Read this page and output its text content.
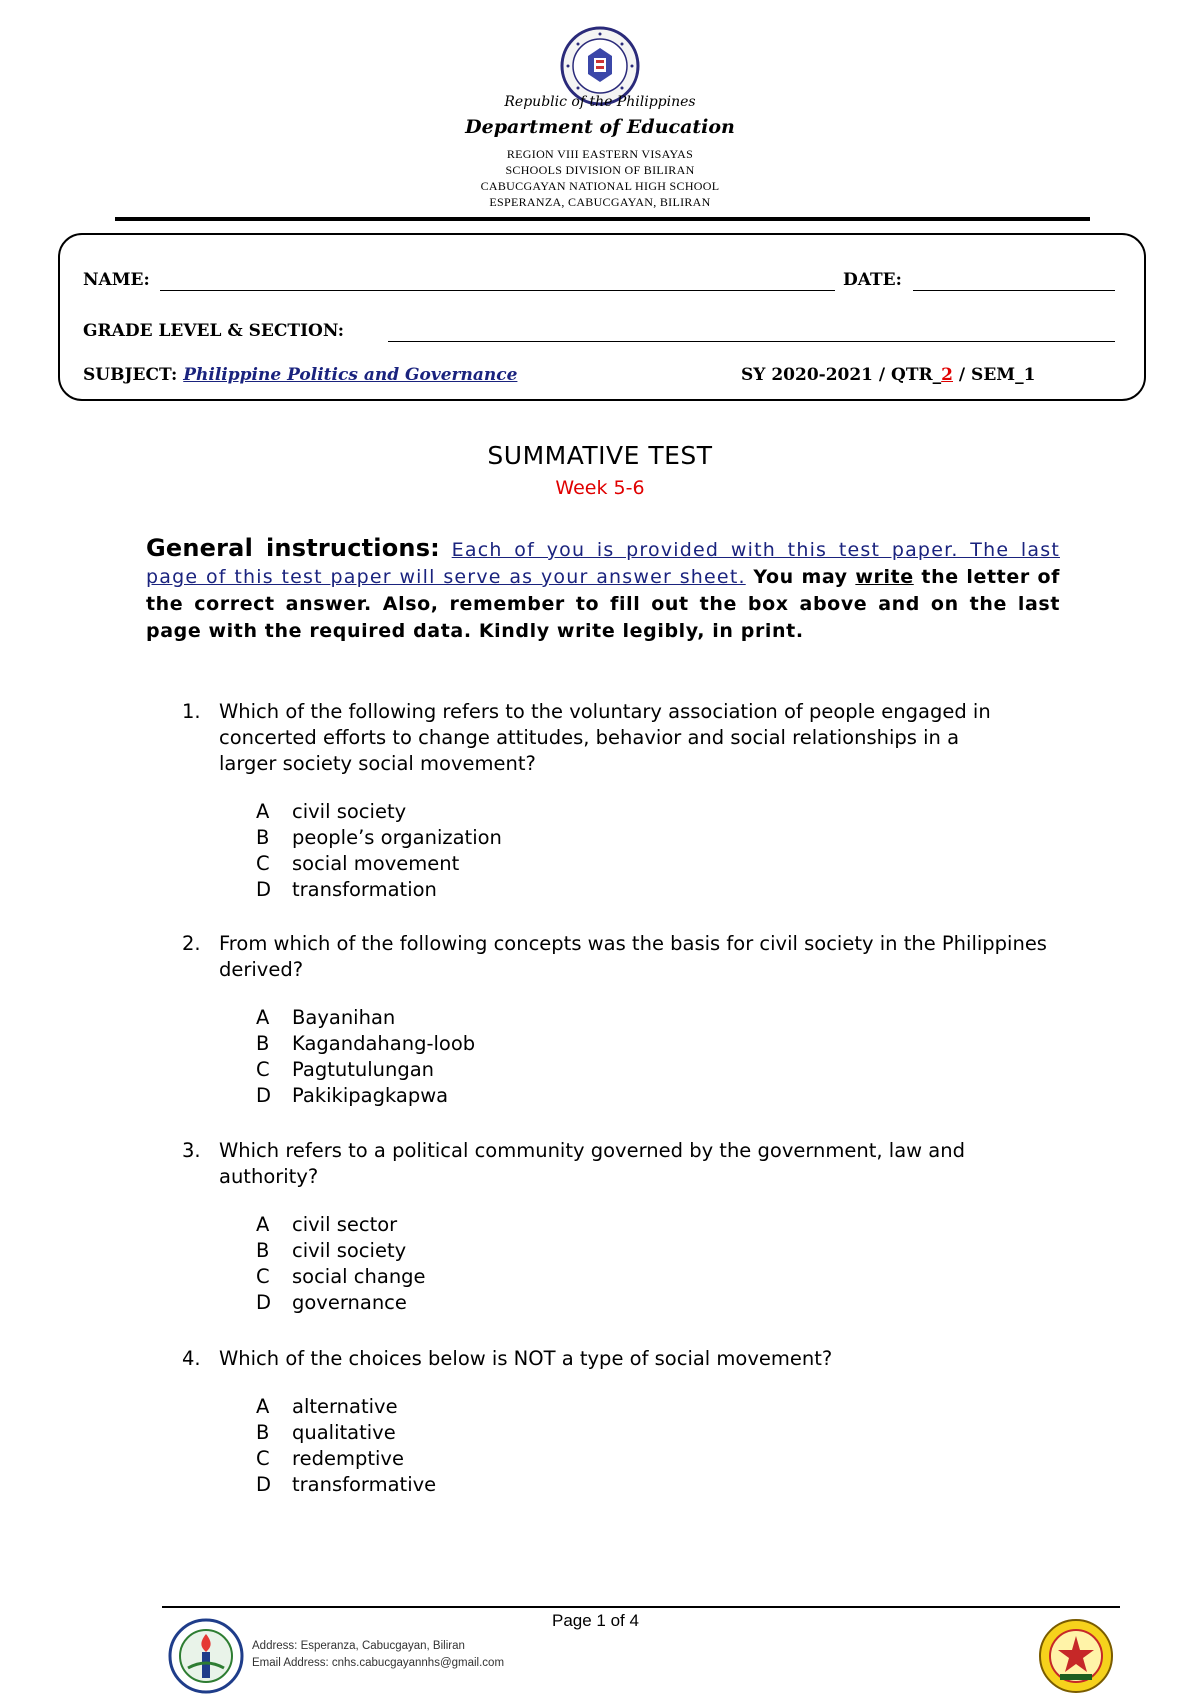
Republic of the Philippines
Department of Education
REGION VIII EASTERN VISAYAS
SCHOOLS DIVISION OF BILIRAN
CABUCGAYAN NATIONAL HIGH SCHOOL
ESPERANZA, CABUCGAYAN, BILIRAN
NAME:	DATE:
GRADE LEVEL & SECTION:
SUBJECT: Philippine Politics and Governance	SY 2020-2021 / QTR_2 / SEM_1
SUMMATIVE TEST
Week 5-6
General instructions: Each of you is provided with this test paper. The last page of this test paper will serve as your answer sheet. You may write the letter of the correct answer. Also, remember to fill out the box above and on the last page with the required data. Kindly write legibly, in print.
1. Which of the following refers to the voluntary association of people engaged in concerted efforts to change attitudes, behavior and social relationships in a larger society social movement?
A civil society
B people’s organization
C social movement
D transformation
2. From which of the following concepts was the basis for civil society in the Philippines derived?
A Bayanihan
B Kagandahang-loob
C Pagtutulungan
D Pakikipagkapwa
3. Which refers to a political community governed by the government, law and authority?
A civil sector
B civil society
C social change
D governance
4. Which of the choices below is NOT a type of social movement?
A alternative
B qualitative
C redemptive
D transformative
Page 1 of 4
Address: Esperanza, Cabucgayan, Biliran
Email Address: cnhs.cabucgayannhs@gmail.com
